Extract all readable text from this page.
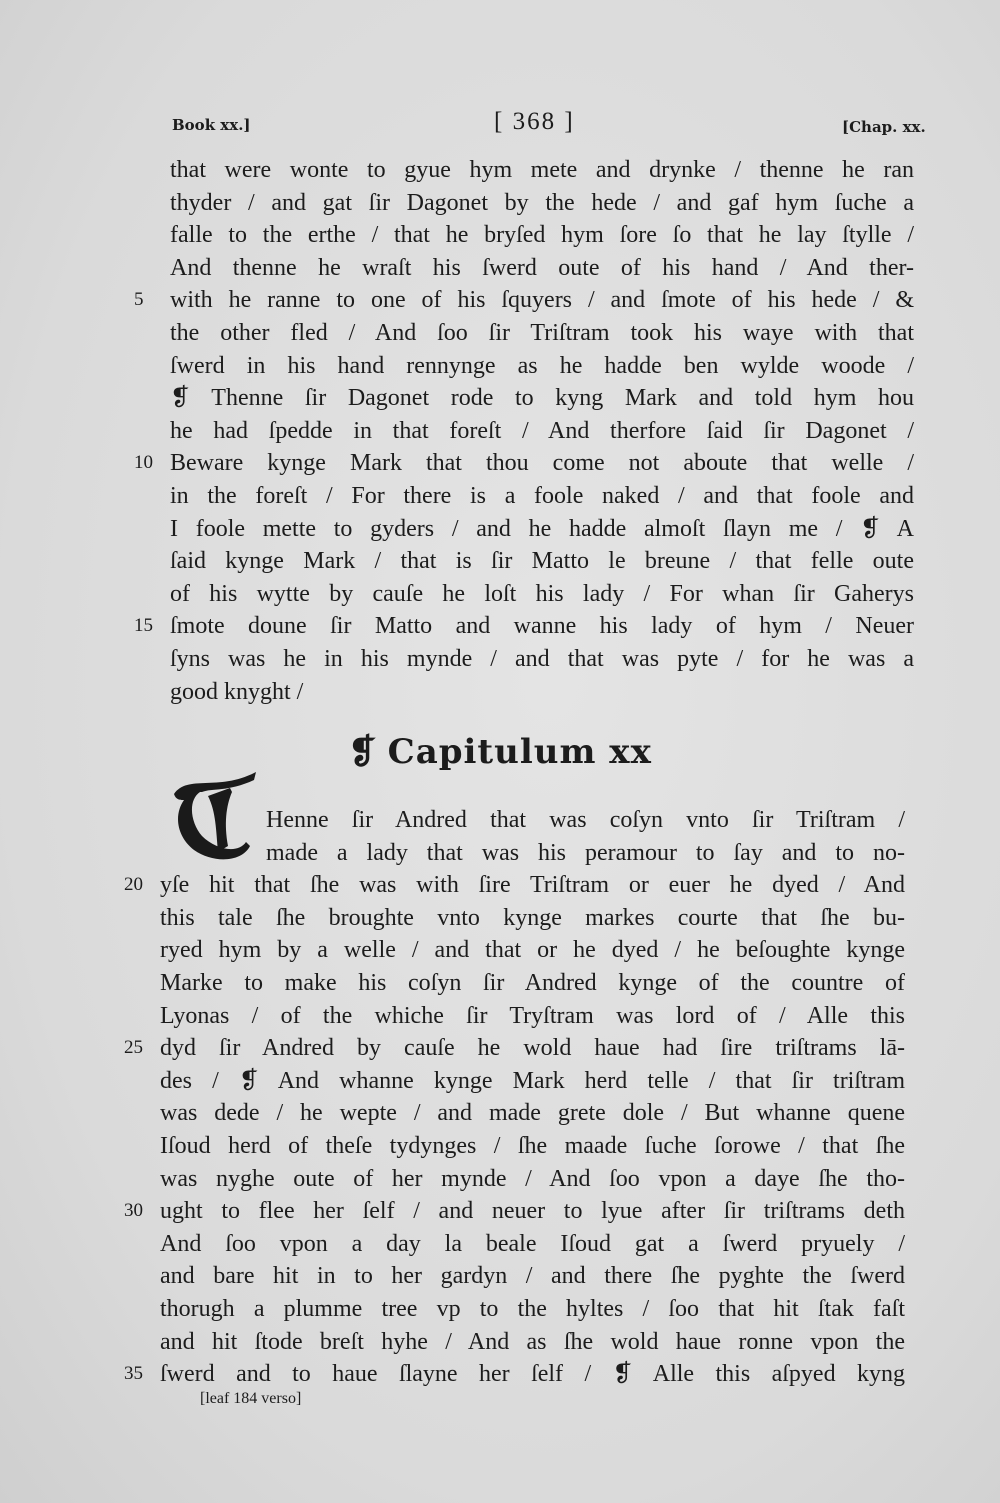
Book xx.]	[ 368 ]	[Chap. xx.
that were wonte to gyue hym mete and drynke / thenne he ran
thyder / and gat ſir Dagonet by the hede / and gaf hym ſuche a
falle to the erthe / that he bryſed hym ſore ſo that he lay ſtylle /
And thenne he wraſt his ſwerd oute of his hand / And ther-
5	with he ranne to one of his ſquyers / and ſmote of his hede / &
the other fled / And ſoo ſir Triſtram took his waye with that
ſwerd in his hand rennynge as he hadde ben wylde woode /
❡ Thenne ſir Dagonet rode to kyng Mark and told hym hou
he had ſpedde in that foreſt / And therfore ſaid ſir Dagonet /
10 Beware kynge Mark that thou come not aboute that welle /
in the foreſt / For there is a foole naked / and that foole and
I foole mette to gyders / and he hadde almoſt ſlayn me / ❡ A
ſaid kynge Mark / that is ſir Matto le breune / that felle oute
of his wytte by cauſe he loſt his lady / For whan ſir Gaherys
15 ſmote doune ſir Matto and wanne his lady of hym / Neuer
ſyns was he in his mynde / and that was pyte / for he was a
good knyght /
❡ Capitulum xx
Henne ſir Andred that was coſyn vnto ſir Triſtram /
made a lady that was his peramour to ſay and to no-
20 yſe hit that ſhe was with ſire Triſtram or euer he dyed / And
this tale ſhe broughte vnto kynge markes courte that ſhe bu-
ryed hym by a welle / and that or he dyed / he beſoughte kynge
Marke to make his coſyn ſir Andred kynge of the countre of
Lyonas / of the whiche ſir Tryſtram was lord of / Alle this
25 dyd ſir Andred by cauſe he wold haue had ſire triſtrams lā-
des / ❡ And whanne kynge Mark herd telle / that ſir triſtram
was dede / he wepte / and made grete dole / But whanne quene
Iſoud herd of theſe tydynges / ſhe maade ſuche ſorowe / that ſhe
was nyghe oute of her mynde / And ſoo vpon a daye ſhe tho-
30 ught to flee her ſelf / and neuer to lyue after ſir triſtrams deth
And ſoo vpon a day la beale Iſoud gat a ſwerd pryuely /
and bare hit in to her gardyn / and there ſhe pyghte the ſwerd
thorugh a plumme tree vp to the hyltes / ſoo that hit ſtak faſt
and hit ſtode breſt hyhe / And as ſhe wold haue ronne vpon the
35 ſwerd and to haue ſlayne her ſelf / ❡ Alle this aſpyed kyng
[leaf 184 verso]
